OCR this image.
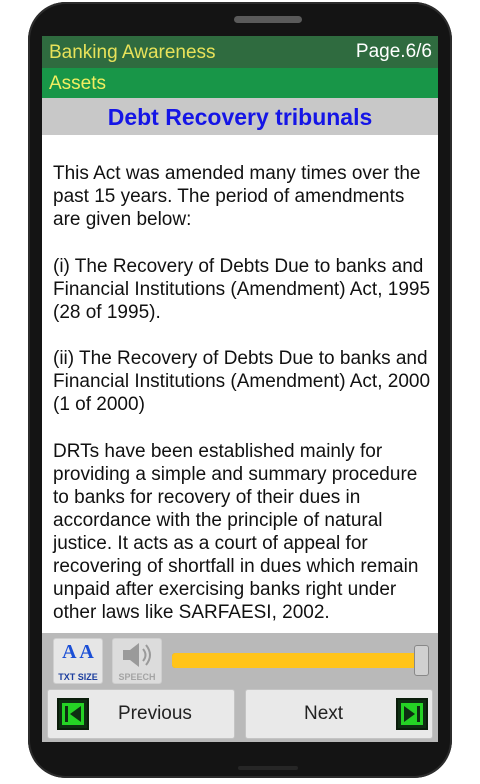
Banking Awareness	Page.6/6
Assets
Debt Recovery tribunals

This Act was amended many times over the past 15 years. The period of amendments are given below:

(i) The Recovery of Debts Due to banks and Financial Institutions (Amendment) Act, 1995 (28 of 1995).

(ii) The Recovery of Debts Due to banks and Financial Institutions (Amendment) Act, 2000 (1 of 2000)

DRTs have been established mainly for providing a simple and summary procedure to banks for recovery of their dues in accordance with the principle of natural justice. It acts as a court of appeal for recovering of shortfall in dues which remain unpaid after exercising banks right under other laws like SARFAESI, 2002.

A A
TXT SIZE	SPEECH
Previous	Next
